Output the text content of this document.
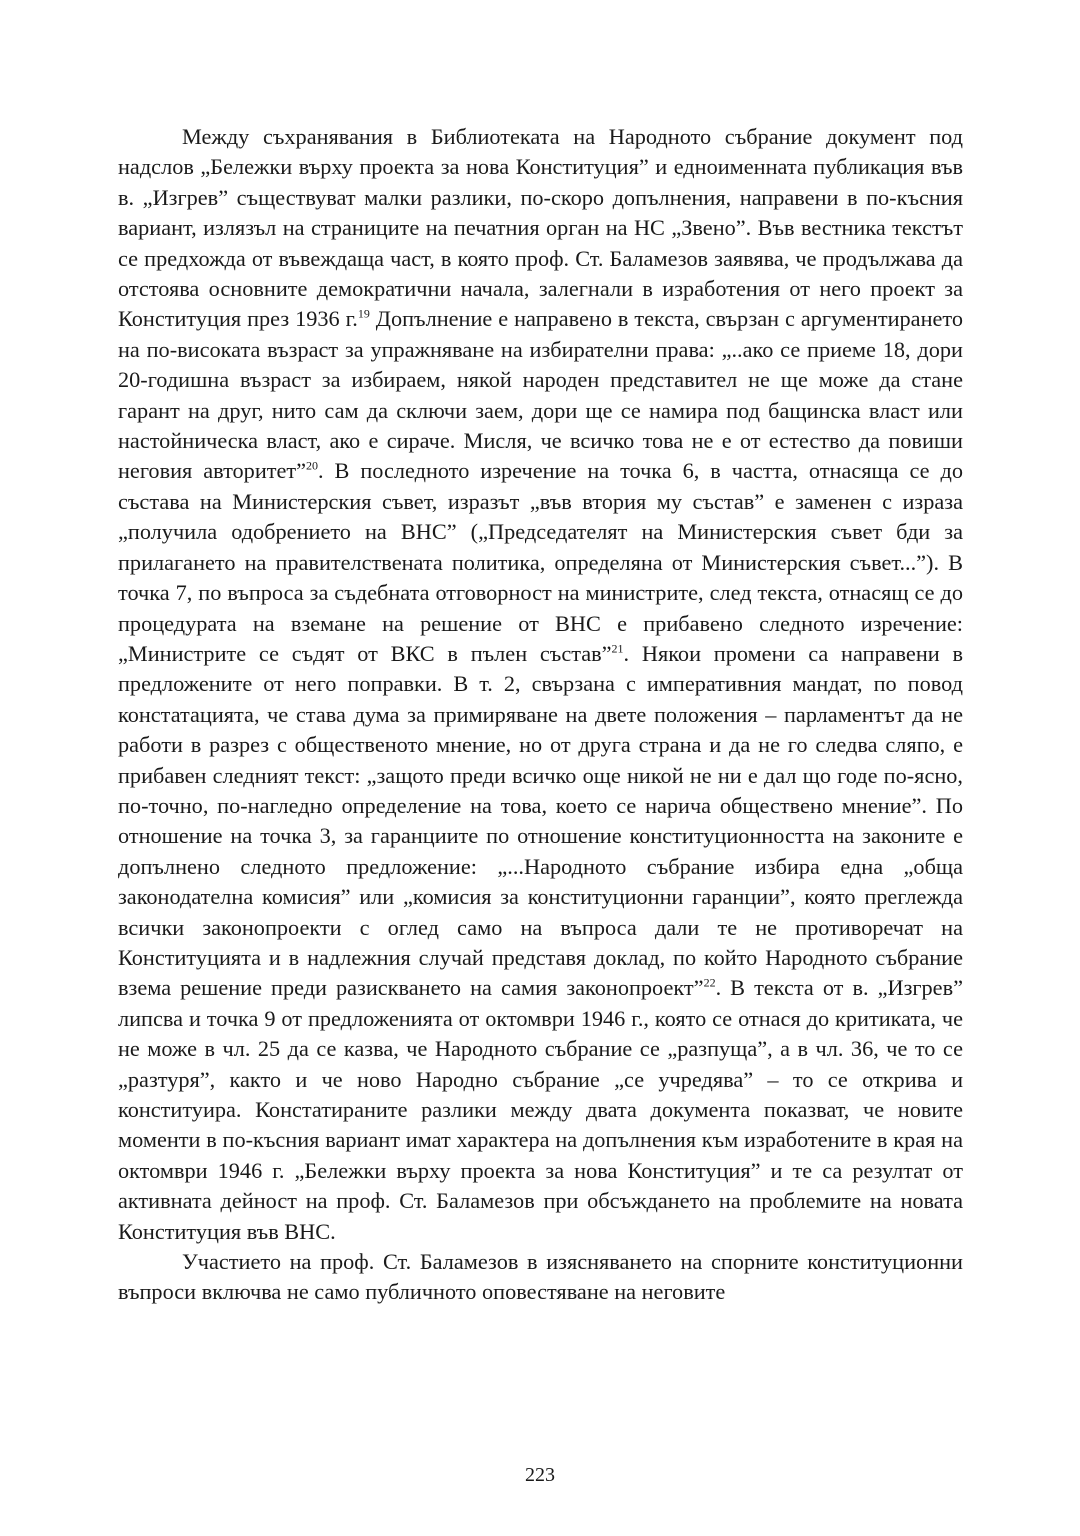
Между съхранявания в Библиотеката на Народното събрание документ под надслов „Бележки върху проекта за нова Конституция” и едноименната публикация във в. „Изгрев” съществуват малки разлики, по-скоро допълнения, направени в по-късния вариант, излязъл на страниците на печатния орган на НС „Звено”. Във вестника текстът се предхожда от въвеждаща част, в която проф. Ст. Баламезов заявява, че продължава да отстоява основните демократични начала, залегнали в изработения от него проект за Конституция през 1936 г.$^{19}$ Допълнение е направено в текста, свързан с аргументирането на по-високата възраст за упражняване на избирателни права: „..ако се приеме 18, дори 20-годишна възраст за избираем, някой народен представител не ще може да стане гарант на друг, нито сам да сключи заем, дори ще се намира под бащинска власт или настойническа власт, ако е сираче. Мисля, че всичко това не е от естество да повиши неговия авторитет”$^{20}$. В последното изречение на точка 6, в частта, отнасяща се до състава на Министерския съвет, изразът „във втория му състав” е заменен с израза „получила одобрението на ВНС” („Председателят на Министерския съвет бди за прилагането на правителствената политика, определяна от Министерския съвет...”). В точка 7, по въпроса за съдебната отговорност на министрите, след текста, отнасящ се до процедурата на вземане на решение от ВНС е прибавено следното изречение: „Министрите се съдят от ВКС в пълен състав”$^{21}$. Някои промени са направени в предложените от него поправки. В т. 2, свързана с императивния мандат, по повод констатацията, че става дума за примиряване на двете положения – парламентът да не работи в разрез с общественото мнение, но от друга страна и да не го следва сляпо, е прибавен следният текст: „защото преди всичко още никой не ни е дал що годе по-ясно, по-точно, по-нагледно определение на това, което се нарича обществено мнение”. По отношение на точка 3, за гаранциите по отношение конституционността на законите е допълнено следното предложение: „...Народното събрание избира една „обща законодателна комисия” или „комисия за конституционни гаранции”, която преглежда всички законопроекти с оглед само на въпроса дали те не противоречат на Конституцията и в надлежния случай представя доклад, по който Народното събрание взема решение преди разискването на самия законопроект”$^{22}$. В текста от в. „Изгрев” липсва и точка 9 от предложенията от октомври 1946 г., която се отнася до критиката, че не може в чл. 25 да се казва, че Народното събрание се „разпуща”, а в чл. 36, че то се „разтуря”, както и че ново Народно събрание „се учредява” – то се открива и конституира. Констатираните разлики между двата документа показват, че новите моменти в по-късния вариант имат характера на допълнения към изработените в края на октомври 1946 г. „Бележки върху проекта за нова Конституция” и те са резултат от активната дейност на проф. Ст. Баламезов при обсъждането на проблемите на новата Конституция във ВНС.

Участието на проф. Ст. Баламезов в изясняването на спорните конституционни въпроси включва не само публичното оповестяване на неговите

223
